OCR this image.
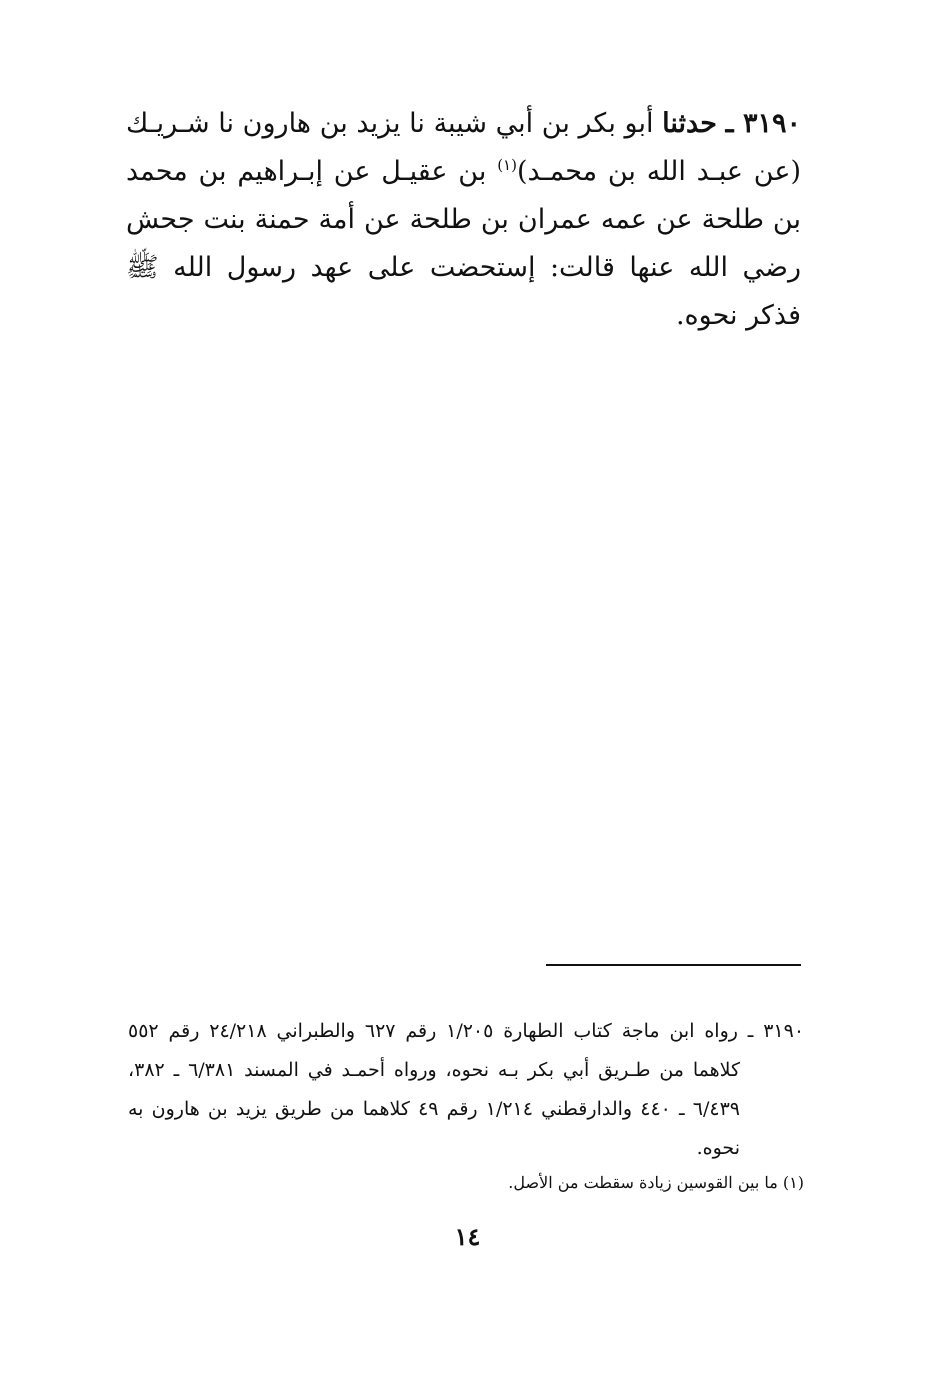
٣١٩٠ ـ حدثنا أبو بكر بن أبي شيبة نا يزيد بن هارون نا شـريـك (عن عبـد الله بن محمـد)$^{(١)}$ بن عقيـل عن إبـراهيم بن محمد بن طلحة عن عمه عمران بن طلحة عن أمة حمنة بنت جحش رضي الله عنها قالت: إستحضت على عهد رسول الله ﷺ فذكر نحوه.
٣١٩٠ ـ رواه ابن ماجة كتاب الطهارة ١/٢٠٥ رقم ٦٢٧ والطبراني ٢٤/٢١٨ رقم ٥٥٢ كلاهما من طـريق أبي بكر بـه نحوه، ورواه أحمـد في المسند ٦/٣٨١ ـ ٣٨٢، ٦/٤٣٩ ـ ٤٤٠ والدارقطني ١/٢١٤ رقم ٤٩ كلاهما من طريق يزيد بن هارون به نحوه.
(١) ما بين القوسين زيادة سقطت من الأصل.
١٤
